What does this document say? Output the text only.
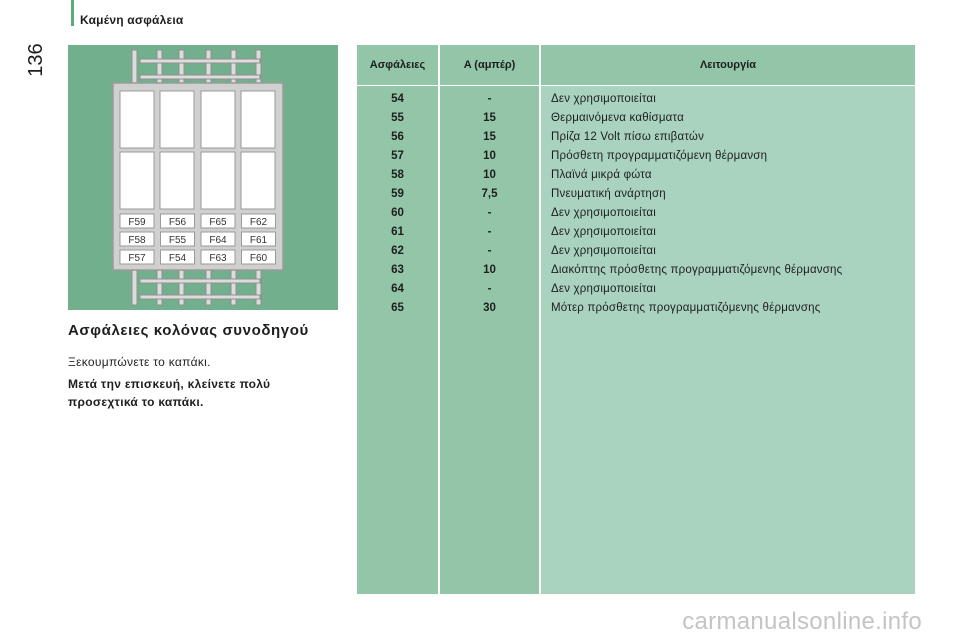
Καμένη ασφάλεια
136
F59 F56 F65 F62
F58 F55 F64 F61
F57 F54 F63 F60
Ασφάλειες κολόνας συνοδηγού
Ξεκουμπώνετε το καπάκι.
Μετά την επισκευή, κλείνετε πολύ προσεχτικά το καπάκι.
Ασφάλειες
54
55
56
57
58
59
60
61
62
63
64
65
A (αμπέρ)
-
15
15
10
10
7,5
-
-
-
10
-
30
Λειτουργία
Δεν χρησιμοποιείται
Θερμαινόμενα καθίσματα
Πρίζα 12 Volt πίσω επιβατών
Πρόσθετη προγραμματιζόμενη θέρμανση
Πλαϊνά μικρά φώτα
Πνευματική ανάρτηση
Δεν χρησιμοποιείται
Δεν χρησιμοποιείται
Δεν χρησιμοποιείται
Διακόπτης πρόσθετης προγραμματιζόμενης θέρμανσης
Δεν χρησιμοποιείται
Μότερ πρόσθετης προγραμματιζόμενης θέρμανσης
carmanualsonline.info
